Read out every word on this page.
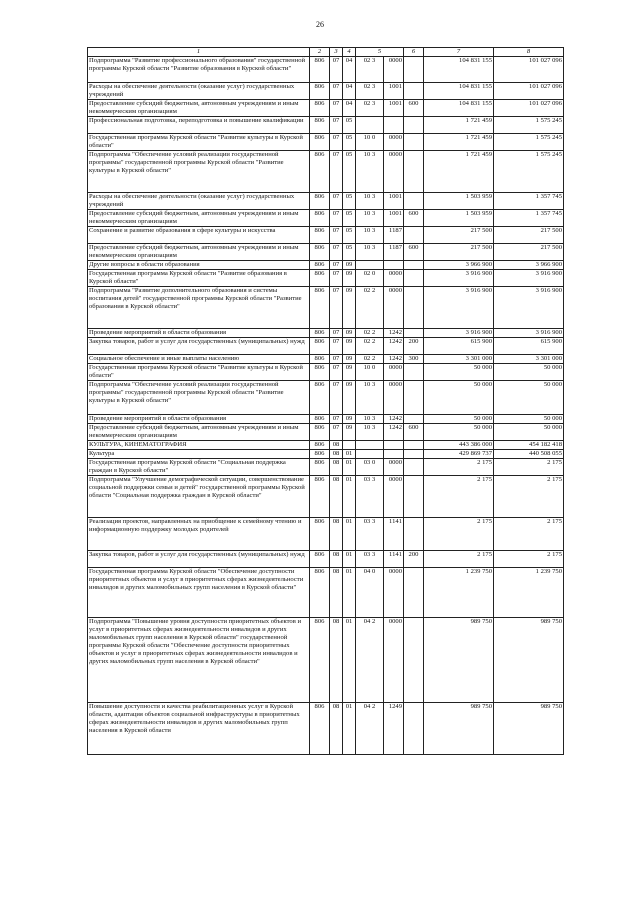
26
1	2	3	4	5		6	7	8
Подпрограмма "Развитие профессионального образования" государственной программы Курской области "Развитие образования в Курской области"	806	07	04	02 3	0000		104 831 155	101 027 096
Расходы на обеспечение деятельности (оказание услуг) государственных учреждений	806	07	04	02 3	1001		104 831 155	101 027 096
Предоставление субсидий бюджетным, автономным учреждениям и иным некоммерческим организациям	806	07	04	02 3	1001	600	104 831 155	101 027 096
Профессиональная подготовка, переподготовка и повышение квалификации	806	07	05				1 721 459	1 575 245
Государственная программа Курской области "Развитие культуры в Курской области"	806	07	05	10 0	0000		1 721 459	1 575 245
Подпрограмма "Обеспечение условий реализации государственной программы" государственной программы Курской области "Развитие культуры в Курской области"	806	07	05	10 3	0000		1 721 459	1 575 245
Расходы на обеспечение деятельности (оказание услуг) государственных учреждений	806	07	05	10 3	1001		1 503 959	1 357 745
Предоставление субсидий бюджетным, автономным учреждениям и иным некоммерческим организациям	806	07	05	10 3	1001	600	1 503 959	1 357 745
Сохранение и развитие образования в сфере культуры и искусства	806	07	05	10 3	1187		217 500	217 500
Предоставление субсидий бюджетным, автономным учреждениям и иным некоммерческим организациям	806	07	05	10 3	1187	600	217 500	217 500
Другие вопросы в области образования	806	07	09				3 966 900	3 966 900
Государственная программа Курской области "Развитие образования в Курской области"	806	07	09	02 0	0000		3 916 900	3 916 900
Подпрограмма "Развитие дополнительного образования и системы воспитания детей" государственной программы Курской области "Развитие образования в Курской области"	806	07	09	02 2	0000		3 916 900	3 916 900
Проведение мероприятий в области образования	806	07	09	02 2	1242		3 916 900	3 916 900
Закупка товаров, работ и услуг для государственных (муниципальных) нужд	806	07	09	02 2	1242	200	615 900	615 900
Социальное обеспечение и иные выплаты населению	806	07	09	02 2	1242	300	3 301 000	3 301 000
Государственная программа Курской области "Развитие культуры в Курской области"	806	07	09	10 0	0000		50 000	50 000
Подпрограмма "Обеспечение условий реализации государственной программы" государственной программы Курской области "Развитие культуры в Курской области"	806	07	09	10 3	0000		50 000	50 000
Проведение мероприятий в области образования	806	07	09	10 3	1242		50 000	50 000
Предоставление субсидий бюджетным, автономным учреждениям и иным некоммерческим организациям	806	07	09	10 3	1242	600	50 000	50 000
КУЛЬТУРА, КИНЕМАТОГРАФИЯ	806	08					443 386 000	454 182 418
Культура	806	08	01				429 869 737	440 508 055
Государственная программа Курской области "Социальная поддержка граждан в Курской области"	806	08	01	03 0	0000		2 175	2 175
Подпрограмма "Улучшение демографической ситуации, совершенствование социальной поддержки семьи и детей" государственной программы Курской области "Социальная поддержка граждан в Курской области"	806	08	01	03 3	0000		2 175	2 175
Реализация проектов, направленных на приобщение к семейному чтению и информационную поддержку молодых родителей	806	08	01	03 3	1141		2 175	2 175
Закупка товаров, работ и услуг для государственных (муниципальных) нужд	806	08	01	03 3	1141	200	2 175	2 175
Государственная программа Курской области "Обеспечение доступности приоритетных объектов и услуг в приоритетных сферах жизнедеятельности инвалидов и других маломобильных групп населения в Курской области"	806	08	01	04 0	0000		1 239 750	1 239 750
Подпрограмма "Повышение уровня доступности приоритетных объектов и услуг в приоритетных сферах жизнедеятельности инвалидов и других маломобильных групп населения в Курской области" государственной программы Курской области "Обеспечение доступности приоритетных объектов и услуг в приоритетных сферах жизнедеятельности инвалидов и других маломобильных групп населения в Курской области"	806	08	01	04 2	0000		989 750	989 750
Повышение доступности и качества реабилитационных услуг в Курской области, адаптация объектов социальной инфраструктуры в приоритетных сферах жизнедеятельности инвалидов и других маломобильных групп населения в Курской области	806	08	01	04 2	1249		989 750	989 750
